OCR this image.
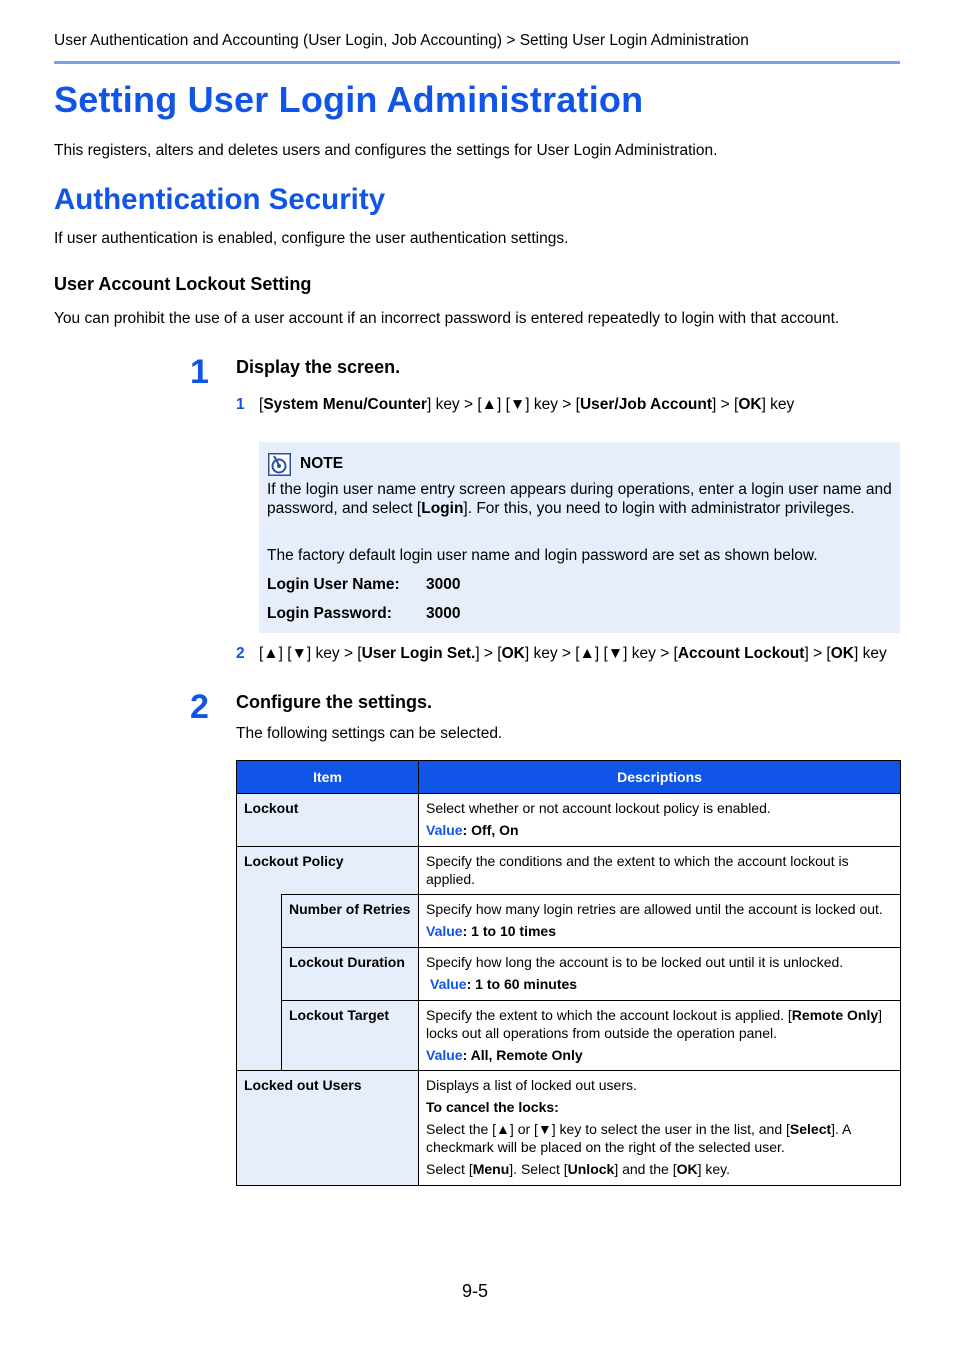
User Authentication and Accounting (User Login, Job Accounting) > Setting User Login Administration
Setting User Login Administration
This registers, alters and deletes users and configures the settings for User Login Administration.
Authentication Security
If user authentication is enabled, configure the user authentication settings.
User Account Lockout Setting
You can prohibit the use of a user account if an incorrect password is entered repeatedly to login with that account.
1 Display the screen.
1 [System Menu/Counter] key > [▲] [▼] key > [User/Job Account] > [OK] key
NOTE
If the login user name entry screen appears during operations, enter a login user name and password, and select [Login]. For this, you need to login with administrator privileges.
The factory default login user name and login password are set as shown below.
Login User Name: 3000
Login Password: 3000
2 [▲] [▼] key > [User Login Set.] > [OK] key > [▲] [▼] key > [Account Lockout] > [OK] key
2 Configure the settings.
The following settings can be selected.
Item		Descriptions
Lockout		Select whether or not account lockout policy is enabled.
Value: Off, On

Lockout Policy		Specify the conditions and the extent to which the account lockout is applied.
	Number of Retries	Specify how many login retries are allowed until the account is locked out.
Value: 1 to 10 times

	Lockout Duration	Specify how long the account is to be locked out until it is unlocked.
Value: 1 to 60 minutes

	Lockout Target	Specify the extent to which the account lockout is applied. [Remote Only] locks out all operations from outside the operation panel.
Value: All, Remote Only

Locked out Users		Displays a list of locked out users.
To cancel the locks:
Select the [▲] or [▼] key to select the user in the list, and [Select]. A checkmark will be placed on the right of the selected user.
Select [Menu]. Select [Unlock] and the [OK] key.
9-5
